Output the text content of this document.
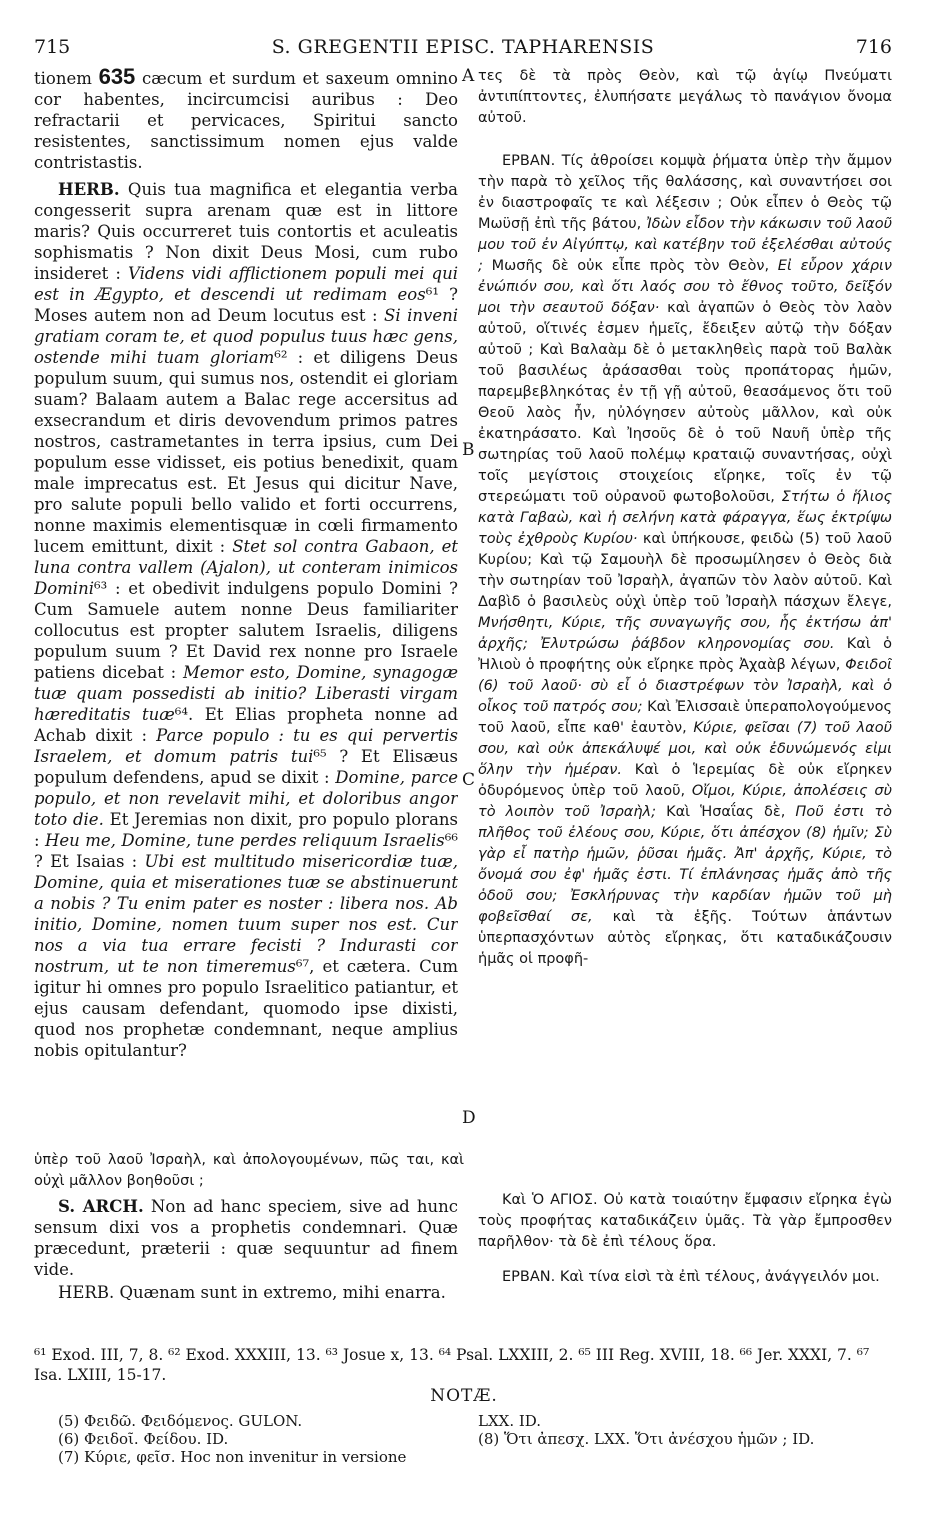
715	S. GREGENTII EPISC. TAPHARENSIS	716

tionem 635 cæcum et surdum et saxeum omnino cor habentes, incircumcisi auribus : Deo refractarii et pervicaces, Spiritui sancto resistentes, sanctissimum nomen ejus valde contristastis.

HERB. Quis tua magnifica et elegantia verba congesserit supra arenam quæ est in littore maris? Quis occurreret tuis contortis et aculeatis sophismatis ? Non dixit Deus Mosi, cum rubo insideret : Videns vidi afflictionem populi mei qui est in Ægypto, et descendi ut redimam eos⁶¹ ? Moses autem non ad Deum locutus est : Si inveni gratiam coram te, et quod populus tuus hæc gens, ostende mihi tuam gloriam⁶² : et diligens Deus populum suum, qui sumus nos, ostendit ei gloriam suam? Balaam autem a Balac rege accersitus ad exsecrandum et diris devovendum primos patres nostros, castrametantes in terra ipsius, cum Dei populum esse vidisset, eis potius benedixit, quam male imprecatus est. Et Jesus qui dicitur Nave, pro salute populi bello valido et forti occurrens, nonne maximis elementisquæ in cœli firmamento lucem emittunt, dixit : Stet sol contra Gabaon, et luna contra vallem (Ajalon), ut conteram inimicos Domini⁶³ : et obedivit indulgens populo Domini ? Cum Samuele autem nonne Deus familiariter collocutus est propter salutem Israelis, diligens populum suum ? Et David rex nonne pro Israele patiens dicebat : Memor esto, Domine, synagogæ tuæ quam possedisti ab initio? Liberasti virgam hæreditatis tuæ⁶⁴. Et Elias propheta nonne ad Achab dixit : Parce populo : tu es qui pervertis Israelem, et domum patris tui⁶⁵ ? Et Elisæus populum defendens, apud se dixit : Domine, parce populo, et non revelavit mihi, et doloribus angor toto die. Et Jeremias non dixit, pro populo plorans : Heu me, Domine, tune perdes reliquum Israelis⁶⁶ ? Et Isaias : Ubi est multitudo misericordiæ tuæ, Domine, quia et miserationes tuæ se abstinuerunt a nobis ? Tu enim pater es noster : libera nos. Ab initio, Domine, nomen tuum super nos est. Cur nos a via tua errare fecisti ? Indurasti cor nostrum, ut te non timeremus⁶⁷, et cætera. Cum igitur hi omnes pro populo Israelitico patiantur, et ejus causam defendant, quomodo ipse dixisti, quod nos prophetæ condemnant, neque amplius nobis opitulantur?

τες δὲ τὰ πρὸς Θεὸν, καὶ τῷ ἁγίῳ Πνεύματι ἀντιπίπτοντες, ἐλυπήσατε μεγάλως τὸ πανάγιον ὄνομα αὐτοῦ.

ΕΡΒΑΝ. Τίς ἀθροίσει κομψὰ ῥήματα ὑπὲρ τὴν ἄμμον τὴν παρὰ τὸ χεῖλος τῆς θαλάσσης, καὶ συναντήσει σοι ἐν διαστροφαῖς τε καὶ λέξεσιν ; Οὐκ εἶπεν ὁ Θεὸς τῷ Μωϋσῇ ἐπὶ τῆς βάτου, Ἰδὼν εἶδον τὴν κάκωσιν τοῦ λαοῦ μου τοῦ ἐν Αἰγύπτῳ, καὶ κατέβην τοῦ ἐξελέσθαι αὐτούς ; Μωσῆς δὲ οὐκ εἶπε πρὸς τὸν Θεὸν, Εἰ εὗρον χάριν ἐνώπιόν σου, καὶ ὅτι λαός σου τὸ ἔθνος τοῦτο, δεῖξόν μοι τὴν σεαυτοῦ δόξαν· καὶ ἀγαπῶν ὁ Θεὸς τὸν λαὸν αὐτοῦ, οἵτινές ἐσμεν ἡμεῖς, ἔδειξεν αὐτῷ τὴν δόξαν αὐτοῦ ; Καὶ Βαλαὰμ δὲ ὁ μετακληθεὶς παρὰ τοῦ Βαλὰκ τοῦ βασιλέως ἀράσασθαι τοὺς προπάτορας ἡμῶν, παρεμβεβληκότας ἐν τῇ γῇ αὐτοῦ, θεασάμενος ὅτι τοῦ Θεοῦ λαὸς ἦν, ηὐλόγησεν αὐτοὺς μᾶλλον, καὶ οὐκ ἐκατηράσατο. Καὶ Ἰησοῦς δὲ ὁ τοῦ Ναυῆ ὑπὲρ τῆς σωτηρίας τοῦ λαοῦ πολέμῳ κραταιῷ συναντήσας, οὐχὶ τοῖς μεγίστοις στοιχείοις εἴρηκε, τοῖς ἐν τῷ στερεώματι τοῦ οὐρανοῦ φωτοβολοῦσι, Στήτω ὁ ἥλιος κατὰ Γαβαὼ, καὶ ἡ σελήνη κατὰ φάραγγα, ἕως ἐκτρίψω τοὺς ἐχθροὺς Κυρίου· καὶ ὑπήκουσε, φειδὼ (5) τοῦ λαοῦ Κυρίου; Καὶ τῷ Σαμουὴλ δὲ προσωμίλησεν ὁ Θεὸς διὰ τὴν σωτηρίαν τοῦ Ἰσραὴλ, ἀγαπῶν τὸν λαὸν αὐτοῦ. Καὶ Δαβὶδ ὁ βασιλεὺς οὐχὶ ὑπὲρ τοῦ Ἰσραὴλ πάσχων ἔλεγε, Μνήσθητι, Κύριε, τῆς συναγωγῆς σου, ἧς ἐκτήσω ἀπ' ἀρχῆς; Ἐλυτρώσω ῥάβδον κληρονομίας σου. Καὶ ὁ Ἠλιοὺ ὁ προφήτης οὐκ εἴρηκε πρὸς Ἀχαὰβ λέγων, Φειδοῖ (6) τοῦ λαοῦ· σὺ εἶ ὁ διαστρέφων τὸν Ἰσραὴλ, καὶ ὁ οἶκος τοῦ πατρός σου; Καὶ Ἐλισσαιὲ ὑπεραπολογούμενος τοῦ λαοῦ, εἶπε καθ' ἑαυτὸν, Κύριε, φεῖσαι (7) τοῦ λαοῦ σου, καὶ οὐκ ἀπεκάλυψέ μοι, καὶ οὐκ ἐδυνώμενός εἰμι ὅλην τὴν ἡμέραν. Καὶ ὁ Ἱερεμίας δὲ οὐκ εἴρηκεν ὀδυρόμενος ὑπὲρ τοῦ λαοῦ, Οἴμοι, Κύριε, ἀπολέσεις σὺ τὸ λοιπὸν τοῦ Ἰσραὴλ; Καὶ Ἡσαΐας δὲ, Ποῦ ἐστι τὸ πλῆθος τοῦ ἐλέους σου, Κύριε, ὅτι ἀπέσχον (8) ἡμῖν; Σὺ γὰρ εἶ πατὴρ ἡμῶν, ῥῦσαι ἡμᾶς. Ἀπ' ἀρχῆς, Κύριε, τὸ ὄνομά σου ἐφ' ἡμᾶς ἐστι. Τί ἐπλάνησας ἡμᾶς ἀπὸ τῆς ὁδοῦ σου; Ἐσκλήρυνας τὴν καρδίαν ἡμῶν τοῦ μὴ φοβεῖσθαί σε, καὶ τὰ ἑξῆς. Τούτων ἁπάντων ὑπερπασχόντων αὐτὸς εἴρηκας, ὅτι καταδικάζουσιν ἡμᾶς οἱ προφῆ-

A
B
C
D
ὑπὲρ τοῦ λαοῦ Ἰσραὴλ, καὶ ἀπολογουμένων, πῶς ται, καὶ οὐχὶ μᾶλλον βοηθοῦσι ;

S. ARCH. Non ad hanc speciem, sive ad hunc sensum dixi vos a prophetis condemnari. Quæ præcedunt, præterii : quæ sequuntur ad finem vide.

HERB. Quænam sunt in extremo, mihi enarra.

Καὶ Ὁ ΑΓΙΟΣ. Οὐ κατὰ τοιαύτην ἔμφασιν εἴρηκα ἐγὼ τοὺς προφήτας καταδικάζειν ὑμᾶς. Τὰ γὰρ ἔμπροσθεν παρῆλθον· τὰ δὲ ἐπὶ τέλους ὅρα.

ΕΡΒΑΝ. Καὶ τίνα εἰσὶ τὰ ἐπὶ τέλους, ἀνάγγειλόν μοι.

⁶¹ Exod. III, 7, 8. ⁶² Exod. XXXIII, 13. ⁶³ Josue x, 13. ⁶⁴ Psal. LXXIII, 2. ⁶⁵ III Reg. XVIII, 18. ⁶⁶ Jer. XXXI, 7. ⁶⁷ Isa. LXIII, 15-17.
NOTÆ.
(5) Φειδῶ. Φειδόμενος. GULON.
(6) Φειδοῖ. Φείδου. ID.
(7) Κύριε, φεῖσ. Hoc non invenitur in versione
LXX. ID.
(8) Ὅτι ἀπεσχ. LXX. Ὅτι ἀνέσχου ἡμῶν ; ID.
